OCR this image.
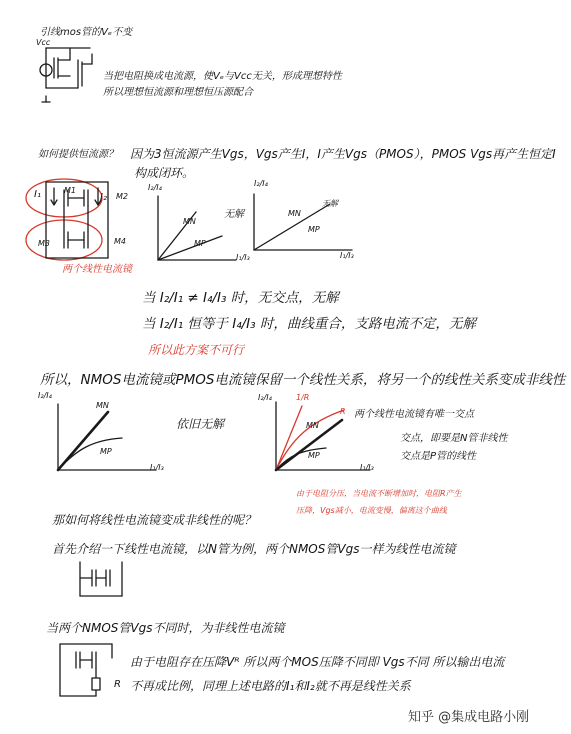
引线mos管的Vₑ不变
Vcc
当把电阻换成电流源，使Vₑ与Vcc无关，形成理想特性
所以理想恒流源和理想恒压源配合
如何提供恒流源？ 因为3恒流源产生Vgs，Vgs产生I，I产生Vgs（PMOS），PMOS Vgs再产生恒定I
构成闭环。
I₁	M1
I₂ M2
M3	M4
两个线性电流镜
I₂/I₄
MN
MP
无解
I₁/I₃
I₂/I₄
MN
无解
MP
I₁/I₃
当 I₂/I₁ ≠ I₄/I₃ 时，无交点，无解
当 I₂/I₁ 恒等于 I₄/I₃ 时，曲线重合，支路电流不定，无解
所以此方案不可行
所以，NMOS电流镜或PMOS电流镜保留一个线性关系，将另一个的线性关系变成非线性
I₂/I₄
MN
MP
I₁/I₃
依旧无解
I₂/I₄	1/R
R
MN
MP
I₁/I₃
两个线性电流镜有唯一交点
交点，即要是N管非线性
交点是P管的线性
由于电阻分压，当电流不断增加时，电阻R产生
压降，Vgs减小，电流变慢，偏离这个曲线
那如何将线性电流镜变成非线性的呢？
首先介绍一下线性电流镜，以N管为例，两个NMOS管Vgs一样为线性电流镜
当两个NMOS管Vgs不同时，为非线性电流镜
R
由于电阻存在压降Vᴿ 所以两个MOS压降不同即 Vgs不同 所以输出电流
不再成比例，同理上述电路的I₁和I₂就不再是线性关系
知乎 @集成电路小刚
